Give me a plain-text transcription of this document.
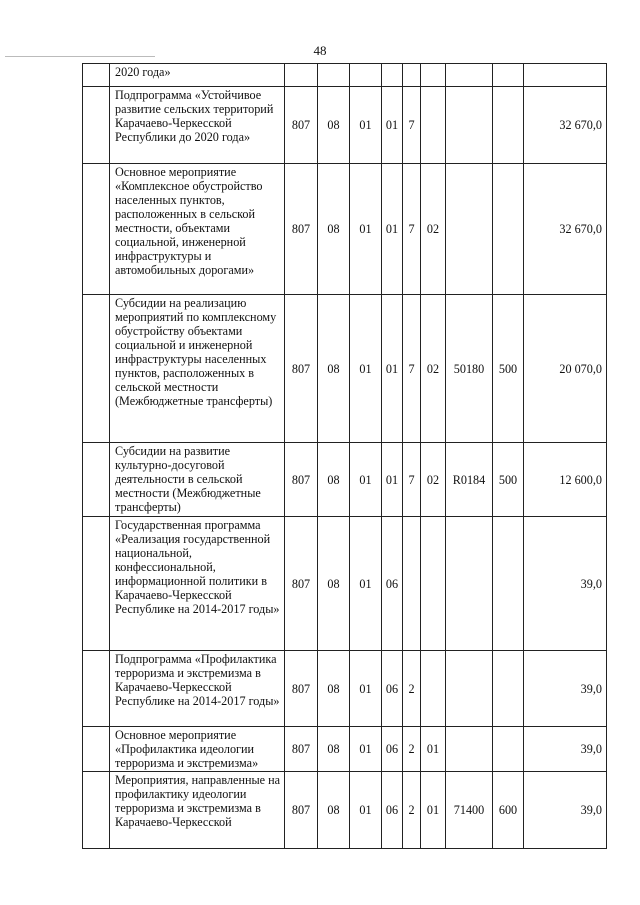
48
	2020 года»									
	Подпрограмма «Устойчивое развитие сельских территорий Карачаево-Черкесской Республики до 2020 года»	807	08	01	01	7				32 670,0
	Основное мероприятие «Комплексное обустройство населенных пунктов, расположенных в сельской местности, объектами социальной, инженерной инфраструктуры и автомобильных дорогами»	807	08	01	01	7	02			32 670,0
	Субсидии на реализацию мероприятий по комплексному обустройству объектами социальной и инженерной инфраструктуры населенных пунктов, расположенных в сельской местности (Межбюджетные трансферты)	807	08	01	01	7	02	50180	500	20 070,0
	Субсидии на развитие культурно-досуговой деятельности в сельской местности (Межбюджетные трансферты)	807	08	01	01	7	02	R0184	500	12 600,0
	Государственная программа «Реализация государственной национальной, конфессиональной, информационной политики в Карачаево-Черкесской Республике на 2014-2017 годы»	807	08	01	06					39,0
	Подпрограмма «Профилактика терроризма и экстремизма в Карачаево-Черкесской Республике на 2014-2017 годы»	807	08	01	06	2				39,0
	Основное мероприятие «Профилактика идеологии терроризма и экстремизма»	807	08	01	06	2	01			39,0
	Мероприятия, направленные на профилактику идеологии терроризма и экстремизма в Карачаево-Черкесской	807	08	01	06	2	01	71400	600	39,0
